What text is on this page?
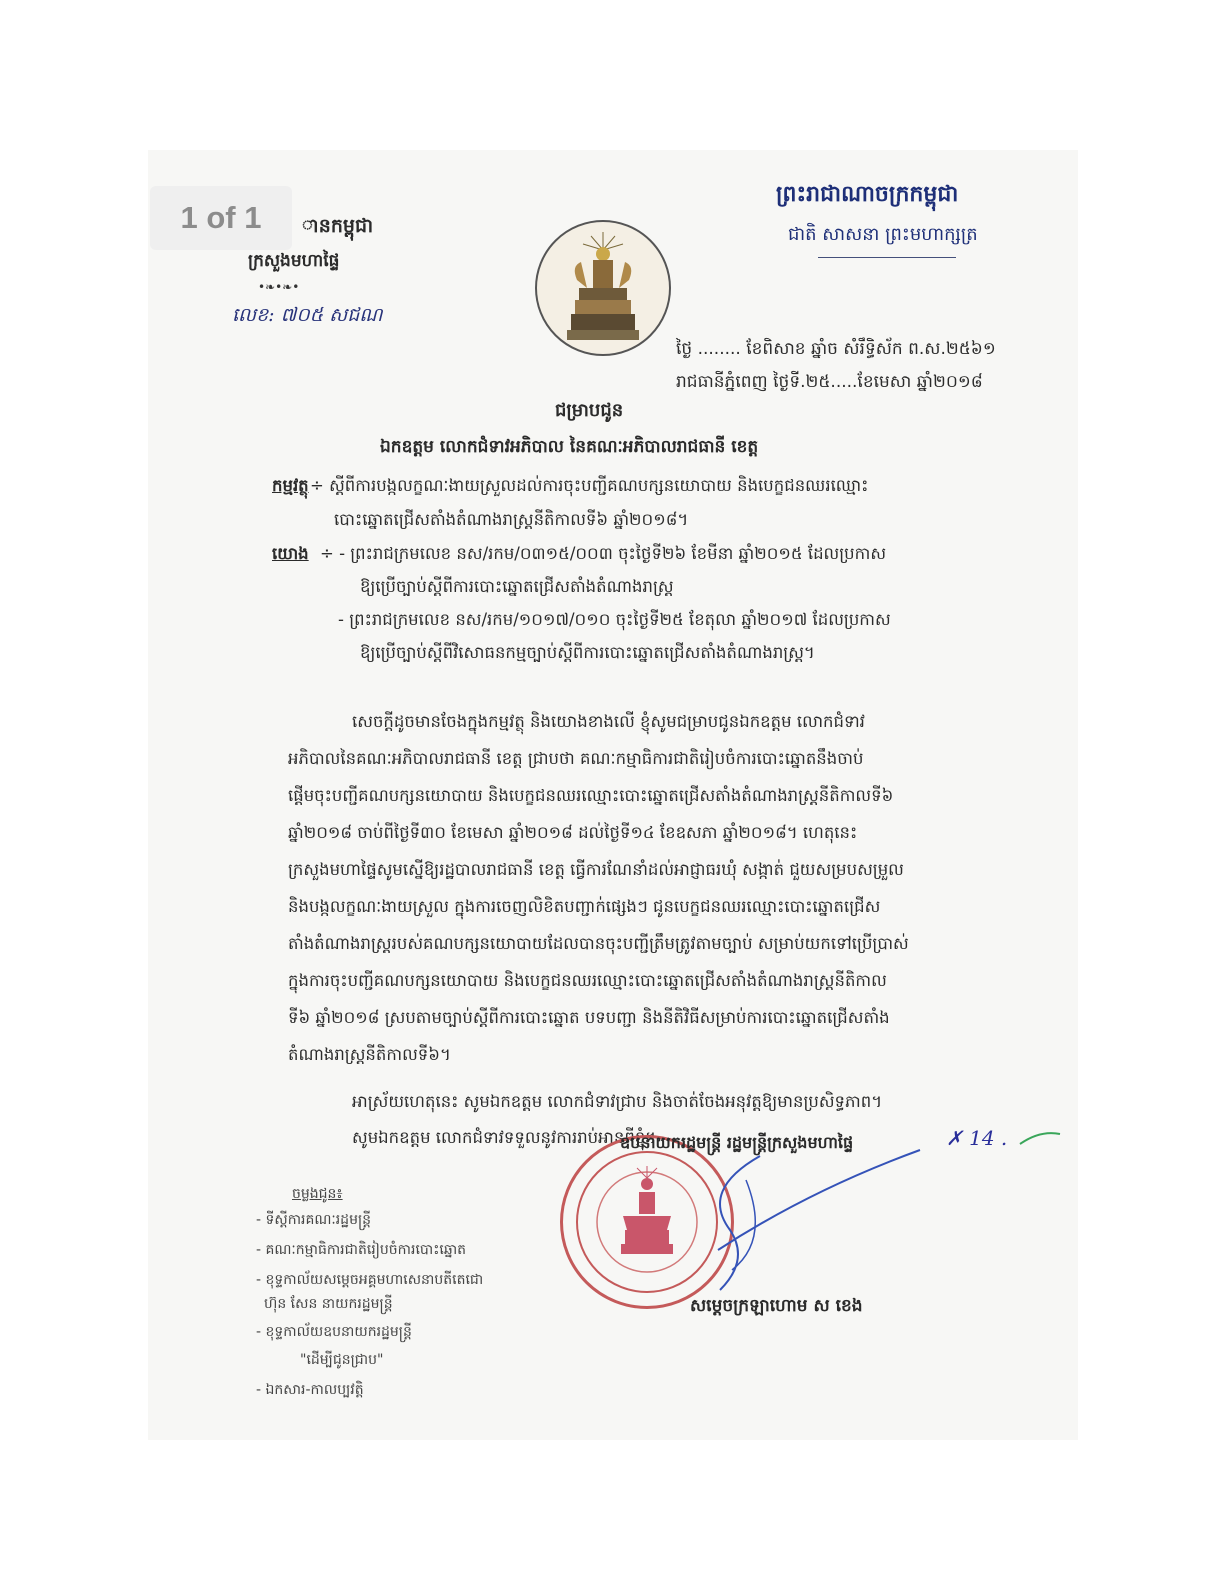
1 of 1
ព្រះរាជាណាចក្រកម្ពុជា
ជាតិ សាសនា ព្រះមហាក្សត្រ
ានកម្ពុជា
ក្រសួងមហាផ្ទៃ
•❧•❧•
លេខ: ៧០៥ សជណ
ថ្ងៃ ........ ខែពិសាខ ឆ្នាំច សំរឹទ្ធិស័ក ព.ស.២៥៦១
រាជធានីភ្នំពេញ ថ្ងៃទី.២៥.....ខែមេសា ឆ្នាំ២០១៨
ជម្រាបជូន
ឯកឧត្តម លោកជំទាវអភិបាល នៃគណៈអភិបាលរាជធានី ខេត្ត
កម្មវត្ថុ ÷ ស្តីពីការបង្កលក្ខណៈងាយស្រួលដល់ការចុះបញ្ជីគណបក្សនយោបាយ និងបេក្ខជនឈរឈ្មោះ
បោះឆ្នោតជ្រើសតាំងតំណាងរាស្ត្រនីតិកាលទី៦ ឆ្នាំ២០១៨។
យោង ÷ - ព្រះរាជក្រមលេខ នស/រកម/០៣១៥/០០៣ ចុះថ្ងៃទី២៦ ខែមីនា ឆ្នាំ២០១៥ ដែលប្រកាស
ឱ្យប្រើច្បាប់ស្តីពីការបោះឆ្នោតជ្រើសតាំងតំណាងរាស្ត្រ
- ព្រះរាជក្រមលេខ នស/រកម/១០១៧/០១០ ចុះថ្ងៃទី២៥ ខែតុលា ឆ្នាំ២០១៧ ដែលប្រកាស
ឱ្យប្រើច្បាប់ស្តីពីវិសោធនកម្មច្បាប់ស្តីពីការបោះឆ្នោតជ្រើសតាំងតំណាងរាស្ត្រ។
សេចក្តីដូចមានចែងក្នុងកម្មវត្ថុ និងយោងខាងលើ ខ្ញុំសូមជម្រាបជូនឯកឧត្តម លោកជំទាវ
អភិបាលនៃគណៈអភិបាលរាជធានី ខេត្ត ជ្រាបថា គណៈកម្មាធិការជាតិរៀបចំការបោះឆ្នោតនឹងចាប់
ផ្តើមចុះបញ្ជីគណបក្សនយោបាយ និងបេក្ខជនឈរឈ្មោះបោះឆ្នោតជ្រើសតាំងតំណាងរាស្ត្រនីតិកាលទី៦
ឆ្នាំ២០១៨ ចាប់ពីថ្ងៃទី៣០ ខែមេសា ឆ្នាំ២០១៨ ដល់ថ្ងៃទី១៤ ខែឧសភា ឆ្នាំ២០១៨។ ហេតុនេះ
ក្រសួងមហាផ្ទៃសូមស្នើឱ្យរដ្ឋបាលរាជធានី ខេត្ត ធ្វើការណែនាំដល់អាជ្ញាធរឃុំ សង្កាត់ ជួយសម្របសម្រួល
និងបង្កលក្ខណៈងាយស្រួល ក្នុងការចេញលិខិតបញ្ជាក់ផ្សេងៗ ជូនបេក្ខជនឈរឈ្មោះបោះឆ្នោតជ្រើស
តាំងតំណាងរាស្ត្ររបស់គណបក្សនយោបាយដែលបានចុះបញ្ជីត្រឹមត្រូវតាមច្បាប់ សម្រាប់យកទៅប្រើប្រាស់
ក្នុងការចុះបញ្ជីគណបក្សនយោបាយ និងបេក្ខជនឈរឈ្មោះបោះឆ្នោតជ្រើសតាំងតំណាងរាស្ត្រនីតិកាល
ទី៦ ឆ្នាំ២០១៨ ស្របតាមច្បាប់ស្តីពីការបោះឆ្នោត បទបញ្ជា និងនីតិវិធីសម្រាប់ការបោះឆ្នោតជ្រើសតាំង
តំណាងរាស្ត្រនីតិកាលទី៦។
អាស្រ័យហេតុនេះ សូមឯកឧត្តម លោកជំទាវជ្រាប និងចាត់ចែងអនុវត្តឱ្យមានប្រសិទ្ធភាព។
សូមឯកឧត្តម លោកជំទាវទទួលនូវការរាប់អានពីខ្ញុំ។
ឧបនាយករដ្ឋមន្ត្រី រដ្ឋមន្ត្រីក្រសួងមហាផ្ទៃ	✗ 14 .
សម្តេចក្រឡាហោម ស ខេង
ចម្លងជូន៖
- ទីស្តីការគណៈរដ្ឋមន្ត្រី
- គណៈកម្មាធិការជាតិរៀបចំការបោះឆ្នោត
- ខុទ្ទកាល័យសម្តេចអគ្គមហាសេនាបតីតេជោ
ហ៊ុន សែន នាយករដ្ឋមន្ត្រី
- ខុទ្ទកាល័យឧបនាយករដ្ឋមន្ត្រី
"ដើម្បីជូនជ្រាប"
- ឯកសារ-កាលប្បវត្តិ
